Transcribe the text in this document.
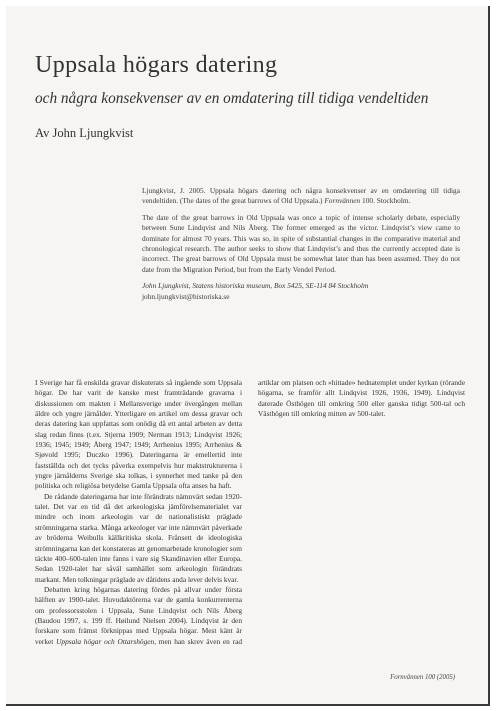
Uppsala högars datering
och några konsekvenser av en omdatering till tidiga vendeltiden
Av John Ljungkvist

Ljungkvist, J. 2005. Uppsala högars datering och några konsekvenser av en omdatering till tidiga vendeltiden. (The dates of the great barrows of Old Uppsala.) Fornvännen 100. Stockholm.

The date of the great barrows in Old Uppsala was once a topic of intense scholarly debate, especially between Sune Lindqvist and Nils Åberg. The former emerged as the victor. Lindqvist’s view came to dominate for almost 70 years. This was so, in spite of substantial changes in the comparative material and chronological research. The author seeks to show that Lindqvist’s and thus the currently accepted date is incorrect. The great barrows of Old Uppsala must be somewhat later than has been assumed. They do not date from the Migration Period, but from the Early Vendel Period.

John Ljungkvist, Statens historiska museum, Box 5425, SE-114 84 Stockholm
john.ljungkvist@historiska.se

I Sverige har få enskilda gravar diskuterats så ingående som Uppsala högar. De har varit de kanske mest framträdande gravarna i diskussionen om makten i Mellansverige under övergången mellan äldre och yngre järnålder. Ytterligare en artikel om dessa gravar och deras datering kan uppfattas som onödig då ett antal arbeten av detta slag redan finns (t.ex. Stjerna 1909; Nerman 1913; Lindqvist 1926; 1936; 1945; 1949; Åberg 1947; 1949; Arrhenius 1995; Arrhenius & Sjøvold 1995; Duczko 1996). Dateringarna är emellertid inte fastställda och det tycks påverka exempelvis hur maktstrukturerna i yngre järnålderns Sverige ska tolkas, i synnerhet med tanke på den politiska och religiösa betydelse Gamla Uppsala ofta anses ha haft.

De rådande dateringarna har inte förändrats nämnvärt sedan 1920-talet. Det var en tid då det arkeologiska jämförelsematerialet var mindre och inom arkeologin var de nationalistiskt präglade strömningarna starka. Många arkeologer var inte nämnvärt påverkade av bröderna Weibulls källkritiska skola. Frånsett de ideologiska strömningarna kan det konstateras att genomarbetade kronologier som täckte 400–600-talen inte fanns i vare sig Skandinavien eller Europa. Sedan 1920-talet har såväl samhället som arkeologin förändrats markant. Men tolkningar präglade av dåtidens anda lever delvis kvar.

Debatten kring högarnas datering fördes på allvar under första hälften av 1900-talet. Huvudaktörerna var de gamla konkurrenterna om professorsstolen i Uppsala, Sune Lindqvist och Nils Åberg (Baudou 1997, s. 199 ff. Høilund Nielsen 2004). Lindqvist är den forskare som främst förknippas med Uppsala högar. Mest känt är verket Uppsala högar och Ottarshögen, men han skrev även en rad artiklar om platsen och »hittade» hednatemplet under kyrkan (rörande högarna, se framför allt Lindqvist 1926, 1936, 1949). Lindqvist daterade Östhögen till omkring 500 eller ganska tidigt 500-tal och Västhögen till omkring mitten av 500-talet.

Fornvännen 100 (2005)
